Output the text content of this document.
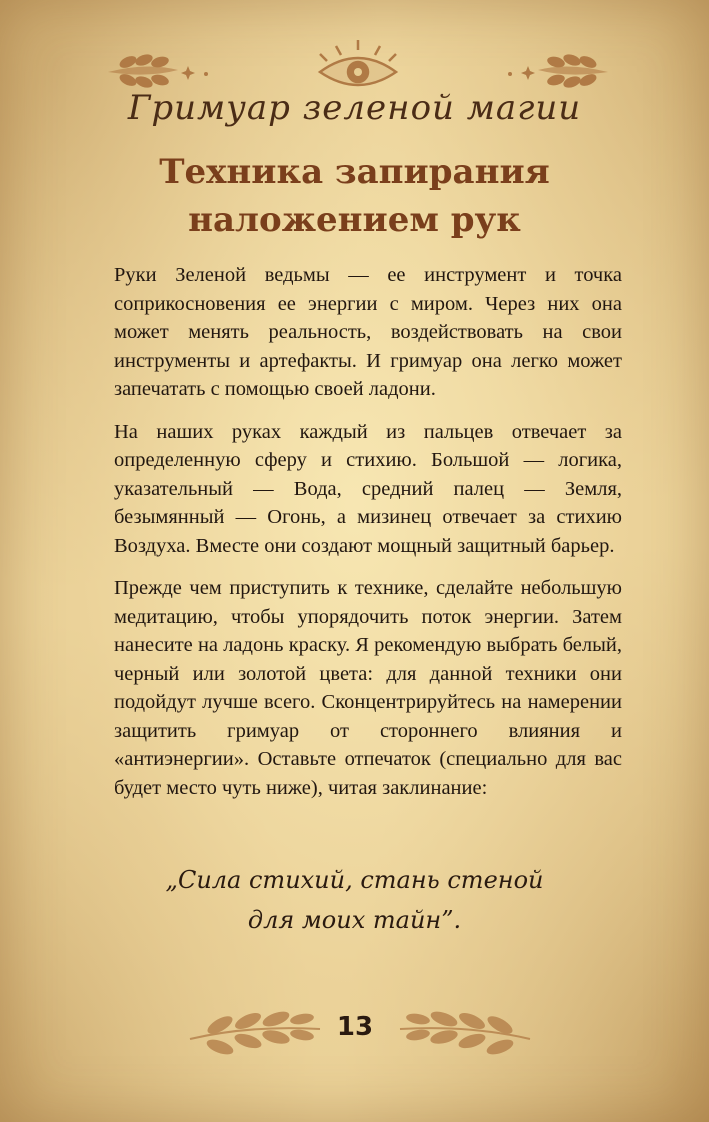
Гримуар зеленой магии
Техника запирания
наложением рук

Руки Зеленой ведьмы — ее инструмент и точка соприкосновения ее энергии с миром. Через них она может менять реальность, воздействовать на свои инструменты и артефакты. И гримуар она легко может запечатать с помощью своей ладони.

На наших руках каждый из пальцев отвечает за определенную сферу и стихию. Большой — логика, указательный — Вода, средний палец — Земля, безымянный — Огонь, а мизинец отвечает за стихию Воздуха. Вместе они создают мощный защитный барьер.

Прежде чем приступить к технике, сделайте небольшую медитацию, чтобы упорядочить поток энергии. Затем нанесите на ладонь краску. Я рекомендую выбрать белый, черный или золотой цвета: для данной техники они подойдут лучше всего. Сконцентрируйтесь на намерении защитить гримуар от стороннего влияния и «антиэнергии». Оставьте отпечаток (специально для вас будет место чуть ниже), читая заклинание:

„Сила стихий, стань стеной
для моих тайн”.
13
